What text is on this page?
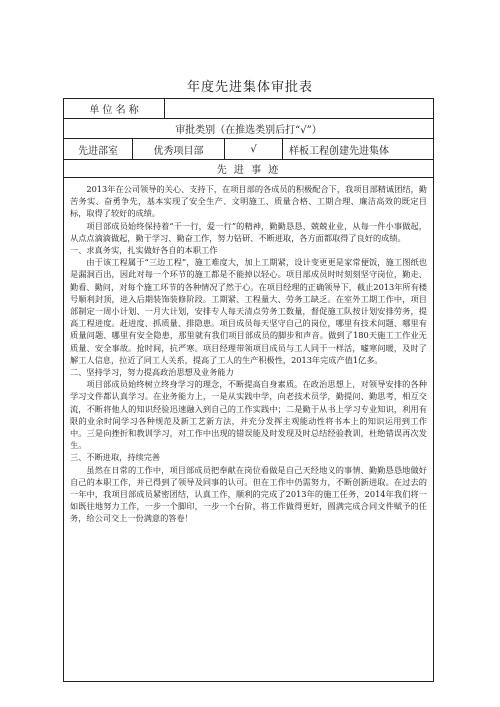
年度先进集体审批表
单 位 名 称
审批类别（在推选类别后打“√”）
先进部室	优秀项目部	√	样板工程创建先进集体
先 进 事 迹

2013年在公司领导的关心、支持下，在项目部的各成员的积极配合下，我项目部精诚团结，勤苦务实、奋勇争先，基本实现了安全生产、文明施工、质量合格、工期合理、廉洁高效的既定目标，取得了较好的成绩。

项目部成员始终保持着“干一行，爱一行”的精神，勤勤恳恳、兢兢业业，从每一件小事做起，从点点滴滴做起，勤于学习、勤奋工作，努力钻研、不断进取，各方面都取得了良好的成绩。

一、求真务实，扎实做好各自的本职工作

由于该工程属于“三边工程”，施工难度大，加上工期紧，设计变更更是家常便饭，施工图纸也是漏洞百出，因此对每一个环节的施工都是不能掉以轻心。项目部成员时时刻刻坚守岗位，勤走、勤看、勤问，对每个施工环节的各种情况了然于心。在项目经理的正确领导下，截止2013年所有楼号顺利封顶，进入后期装饰装修阶段。工期紧、工程量大、劳务工缺乏。在室外工期工作中，项目部制定一周小计划、一月大计划，安排专人每天清点劳务工数量，督促施工队按计划安排劳务，提高工程进度。赶进度、抓质量、排隐患。项目成员每天坚守自己的岗位，哪里有技术问题、哪里有质量问题、哪里有安全隐患，那里就有我们项目部成员的脚步和声音。做到了180天施工工作业无质量、安全事故。抢时间，抗严寒。项目经理带领项目成员与工人同干一样活，嘘寒问暖，及时了解工人信息，拉近了同工人关系，提高了工人的生产积极性，2013年完成产值1亿多。

二、坚持学习，努力提高政治思想及业务能力

项目部成员始终树立终身学习的理念，不断提高自身素质。在政治思想上，对领导安排的各种学习文件都认真学习。在业务能力上，一是从实践中学，向老技术员学，勤提问、勤思考，相互交流，不断将他人的知识经验迅速融入到自己的工作实践中；二是勤于从书上学习专业知识，利用有限的业余时间学习各种规范及新工艺新方法，并充分发挥主观能动性将书本上的知识运用到工作中。三是向挫折和教训学习，对工作中出现的错误能及时发现及时总结经验教训，杜绝错误再次发生。

三、不断进取，持续完善

虽然在日常的工作中，项目部成员把奉献在岗位看做是自己天经地义的事情、勤勤恳恳地做好自己的本职工作，并已得到了领导及同事的认可。但在工作中仍需努力，不断创新进取。在过去的一年中，我项目部成员紧密团结，认真工作，顺利的完成了2013年的施工任务，2014年我们将一如既往地努力工作，一步一个脚印，一步一个台阶，将工作做得更好，圆满完成合同文件赋予的任务，给公司交上一份满意的答卷！
